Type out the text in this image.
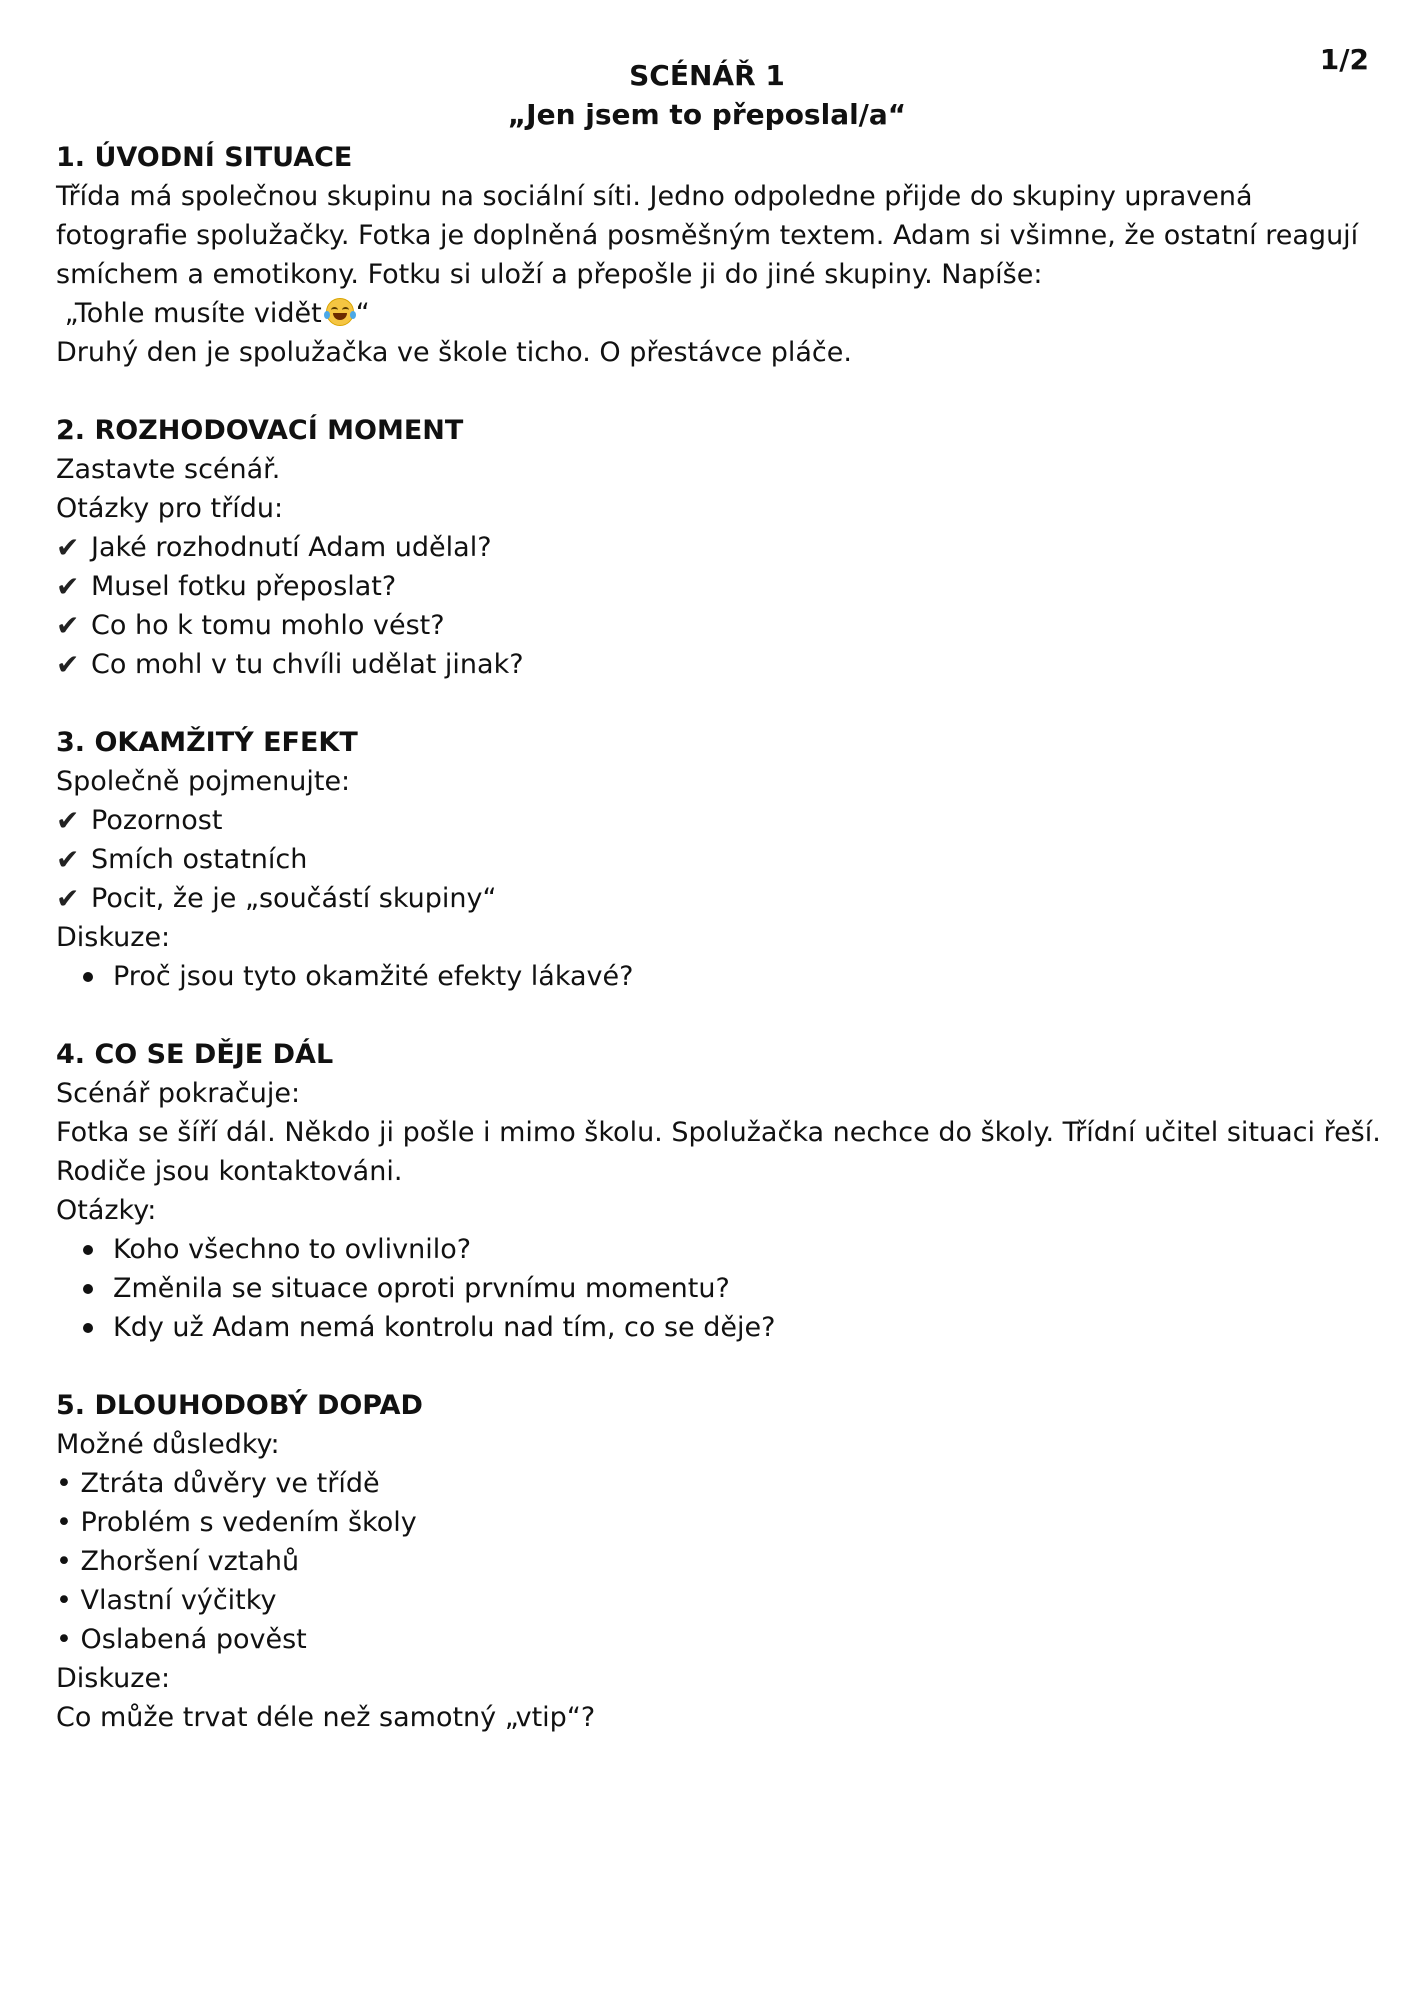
1/2
SCÉNÁŘ 1
„Jen jsem to přeposlal/a“
1. ÚVODNÍ SITUACE
Třída má společnou skupinu na sociální síti. Jedno odpoledne přijde do skupiny upravená
fotografie spolužačky. Fotka je doplněná posměšným textem. Adam si všimne, že ostatní reagují
smíchem a emotikony. Fotku si uloží a přepošle ji do jiné skupiny. Napíše:
„Tohle musíte vidět “
Druhý den je spolužačka ve škole ticho. O přestávce pláče.
2. ROZHODOVACÍ MOMENT
Zastavte scénář.
Otázky pro třídu:
✔ Jaké rozhodnutí Adam udělal?
✔ Musel fotku přeposlat?
✔ Co ho k tomu mohlo vést?
✔ Co mohl v tu chvíli udělat jinak?
3. OKAMŽITÝ EFEKT
Společně pojmenujte:
✔ Pozornost
✔ Smích ostatních
✔ Pocit, že je „součástí skupiny“
Diskuze:
Proč jsou tyto okamžité efekty lákavé?
4. CO SE DĚJE DÁL
Scénář pokračuje:
Fotka se šíří dál. Někdo ji pošle i mimo školu. Spolužačka nechce do školy. Třídní učitel situaci řeší.
Rodiče jsou kontaktováni.
Otázky:
Koho všechno to ovlivnilo?
Změnila se situace oproti prvnímu momentu?
Kdy už Adam nemá kontrolu nad tím, co se děje?
5. DLOUHODOBÝ DOPAD
Možné důsledky:
• Ztráta důvěry ve třídě
• Problém s vedením školy
• Zhoršení vztahů
• Vlastní výčitky
• Oslabená pověst
Diskuze:
Co může trvat déle než samotný „vtip“?
